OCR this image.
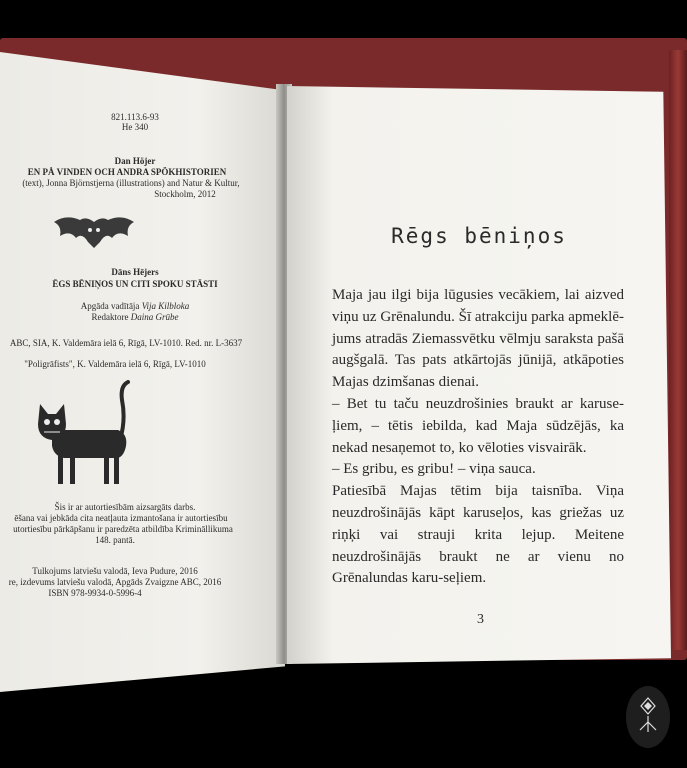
821.113.6-93
He 340
Dan Höjer
EN PÅ VINDEN OCH ANDRA SPÖKHISTORIEN
(text), Jonna Björnstjerna (illustrations) and Natur & Kultur,
Stockholm, 2012
Dāns Hējers
ĒGS BĒNIŅOS UN CITI SPOKU STĀSTI
Apgāda vadītāja Vija Kilbloka
Redaktore Daina Grūbe
ABC, SIA, K. Valdemāra ielā 6, Rīgā, LV-1010. Red. nr. L-3637
"Poligrāfists", K. Valdemāra ielā 6, Rīgā, LV-1010
Šis ir ar autortiesībām aizsargāts darbs.
ēšana vai jebkāda cita neatļauta izmantošana ir autortiesību
utortiesību pārkāpšanu ir paredzēta atbildība Krimināllikuma
148. pantā.
Tulkojums latviešu valodā, Ieva Pudure, 2016
re, izdevums latviešu valodā, Apgāds Zvaigzne ABC, 2016
ISBN 978-9934-0-5996-4
Rēgs bēniņos

Maja jau ilgi bija lūgusies vecākiem, lai aizved viņu uz Grēnalundu. Šī atrakciju parka apmeklē-jums atradās Ziemassvētku vēlmju saraksta pašā augšgalā. Tas pats atkārtojās jūnijā, atkāpoties Majas dzimšanas dienai.

– Bet tu taču neuzdrošinies braukt ar karuse-ļiem, – tētis iebilda, kad Maja sūdzējās, ka nekad nesaņemot to, ko vēloties visvairāk.

– Es gribu, es gribu! – viņa sauca.

Patiesībā Majas tētim bija taisnība. Viņa neuzdrošinājās kāpt karuseļos, kas griežas uz riņķi vai strauji krita lejup. Meitene neuzdrošinājās braukt ne ar vienu no Grēnalundas karu-seļiem.

3
